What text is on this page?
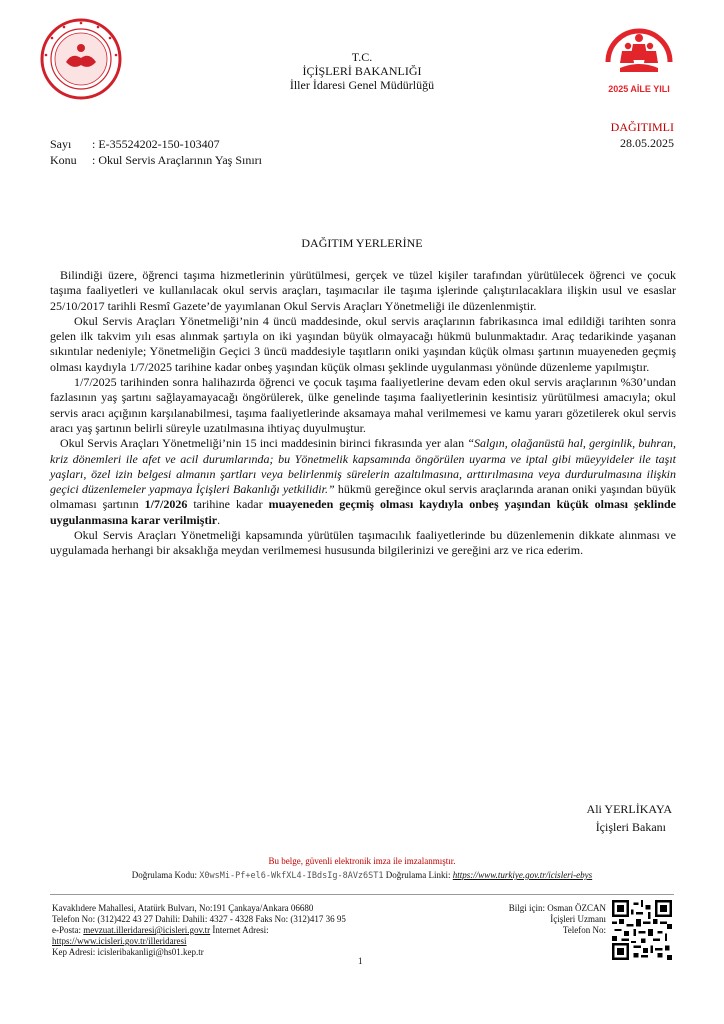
2025 AİLE YILI
T.C.
İÇİŞLERİ BAKANLIĞI
İller İdaresi Genel Müdürlüğü
DAĞITIMLI
28.05.2025
Sayı : E-35524202-150-103407
Konu : Okul Servis Araçlarının Yaş Sınırı
DAĞITIM YERLERİNE

Bilindiği üzere, öğrenci taşıma hizmetlerinin yürütülmesi, gerçek ve tüzel kişiler tarafından yürütülecek öğrenci ve çocuk taşıma faaliyetleri ve kullanılacak okul servis araçları, taşımacılar ile taşıma işlerinde çalıştırılacaklara ilişkin usul ve esaslar 25/10/2017 tarihli Resmî Gazete’de yayımlanan Okul Servis Araçları Yönetmeliği ile düzenlenmiştir.

Okul Servis Araçları Yönetmeliği’nin 4 üncü maddesinde, okul servis araçlarının fabrikasınca imal edildiği tarihten sonra gelen ilk takvim yılı esas alınmak şartıyla on iki yaşından büyük olmayacağı hükmü bulunmaktadır. Araç tedarikinde yaşanan sıkıntılar nedeniyle; Yönetmeliğin Geçici 3 üncü maddesiyle taşıtların oniki yaşından küçük olması şartının muayeneden geçmiş olması kaydıyla 1/7/2025 tarihine kadar onbeş yaşından küçük olması şeklinde uygulanması yönünde düzenleme yapılmıştır.

1/7/2025 tarihinden sonra halihazırda öğrenci ve çocuk taşıma faaliyetlerine devam eden okul servis araçlarının %30’undan fazlasının yaş şartını sağlayamayacağı öngörülerek, ülke genelinde taşıma faaliyetlerinin kesintisiz yürütülmesi amacıyla; okul servis aracı açığının karşılanabilmesi, taşıma faaliyetlerinde aksamaya mahal verilmemesi ve kamu yararı gözetilerek okul servis aracı yaş şartının belirli süreyle uzatılmasına ihtiyaç duyulmuştur.

Okul Servis Araçları Yönetmeliği’nin 15 inci maddesinin birinci fıkrasında yer alan “Salgın, olağanüstü hal, gerginlik, buhran, kriz dönemleri ile afet ve acil durumlarında; bu Yönetmelik kapsamında öngörülen uyarma ve iptal gibi müeyyideler ile taşıt yaşları, özel izin belgesi almanın şartları veya belirlenmiş sürelerin azaltılmasına, arttırılmasına veya durdurulmasına ilişkin geçici düzenlemeler yapmaya İçişleri Bakanlığı yetkilidir.” hükmü gereğince okul servis araçlarında aranan oniki yaşından büyük olmaması şartının 1/7/2026 tarihine kadar muayeneden geçmiş olması kaydıyla onbeş yaşından küçük olması şeklinde uygulanmasına karar verilmiştir.

Okul Servis Araçları Yönetmeliği kapsamında yürütülen taşımacılık faaliyetlerinde bu düzenlemenin dikkate alınması ve uygulamada herhangi bir aksaklığa meydan verilmemesi hususunda bilgilerinizi ve gereğini arz ve rica ederim.

Ali YERLİKAYA
İçişleri Bakanı
Bu belge, güvenli elektronik imza ile imzalanmıştır.
Doğrulama Kodu: X0wsMi-Pf+el6-WkfXL4-IBdsIg-8AVz6ST1 Doğrulama Linki: https://www.turkiye.gov.tr/icisleri-ebys
Kavaklıdere Mahallesi, Atatürk Bulvarı, No:191 Çankaya/Ankara 06680
Telefon No: (312)422 43 27 Dahili: Dahili: 4327 - 4328 Faks No: (312)417 36 95
e-Posta: mevzuat.illeridaresi@icisleri.gov.tr İnternet Adresi:
https://www.icisleri.gov.tr/illeridaresi
Kep Adresi: icisleribakanligi@hs01.kep.tr
Bilgi için: Osman ÖZCAN
İçişleri Uzmanı
Telefon No:
1
